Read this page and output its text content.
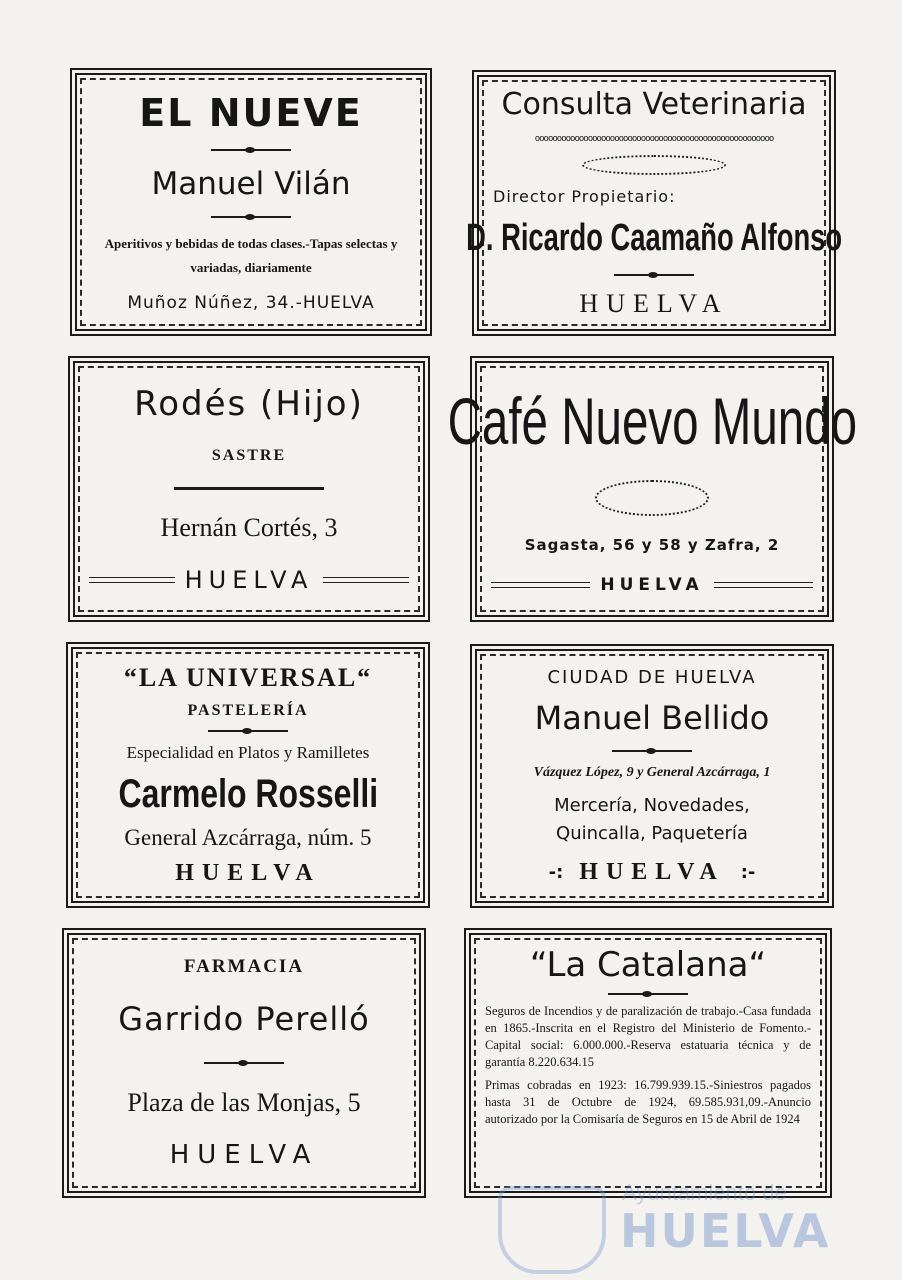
EL NUEVE
Manuel Vilán
Aperitivos y bebidas de todas clases.-Tapas selectas y variadas, diariamente
Muñoz Núñez, 34.-HUELVA
Consulta Veterinaria
oooooooooooooooooooooooooooooooooooooooooooooooooooooo
Director Propietario:
D. Ricardo Caamaño Alfonso
HUELVA
Rodés (Hijo)
SASTRE
Hernán Cortés, 3
HUELVA
Café Nuevo Mundo
Sagasta, 56 y 58 y Zafra, 2
HUELVA
“LA UNIVERSAL“
PASTELERÍA
Especialidad en Platos y Ramilletes
Carmelo Rosselli
General Azcárraga, núm. 5
HUELVA
CIUDAD DE HUELVA
Manuel Bellido
Vázquez López, 9 y General Azcárraga, 1
Mercería, Novedades, Quincalla, Paquetería
-: HUELVA :-
FARMACIA
Garrido Perelló
Plaza de las Monjas, 5
HUELVA
“La Catalana“
Seguros de Incendios y de paralización de trabajo.-Casa fundada en 1865.-Inscrita en el Registro del Ministerio de Fomento.-Capital social: 6.000.000.-Reserva estatuaria técnica y de garantía 8.220.634.15
Primas cobradas en 1923: 16.799.939.15.-Siniestros pagados hasta 31 de Octubre de 1924, 69.585.931,09.-Anuncio autorizado por la Comisaría de Seguros en 15 de Abril de 1924
Ayuntamiento de
HUELVA
